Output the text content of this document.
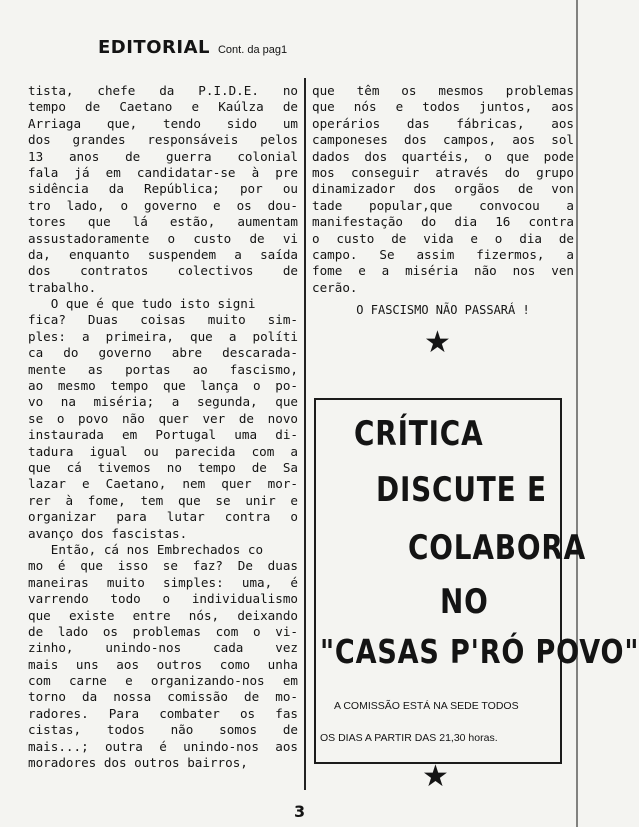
EDITORIAL Cont. da pag1
tista, chefe da P.I.D.E. no
tempo de Caetano e Kaúlza de
Arriaga que, tendo sido um
dos grandes responsáveis pelos
13 anos de guerra colonial
fala já em candidatar-se à pre
sidência da República; por ou
tro lado, o governo e os dou-
tores que lá estão, aumentam
assustadoramente o custo de vi
da, enquanto suspendem a saída
dos contratos colectivos de
trabalho.
O que é que tudo isto signi
fica? Duas coisas muito sim-
ples: a primeira, que a políti
ca do governo abre descarada-
mente as portas ao fascismo,
ao mesmo tempo que lança o po-
vo na miséria; a segunda, que
se o povo não quer ver de novo
instaurada em Portugal uma di-
tadura igual ou parecida com a
que cá tivemos no tempo de Sa
lazar e Caetano, nem quer mor-
rer à fome, tem que se unir e
organizar para lutar contra o
avanço dos fascistas.
Então, cá nos Embrechados co
mo é que isso se faz? De duas
maneiras muito simples: uma, é
varrendo todo o individualismo
que existe entre nós, deixando
de lado os problemas com o vi-
zinho, unindo-nos cada vez
mais uns aos outros como unha
com carne e organizando-nos em
torno da nossa comissão de mo-
radores. Para combater os fas
cistas, todos não somos de
mais...; outra é unindo-nos aos
moradores dos outros bairros,
que têm os mesmos problemas
que nós e todos juntos, aos
operários das fábricas, aos
camponeses dos campos, aos sol
dados dos quartéis, o que pode
mos conseguir através do grupo
dinamizador dos orgãos de von
tade popular,que convocou a
manifestação do dia 16 contra
o custo de vida e o dia de
campo. Se assim fizermos, a
fome e a miséria não nos ven
cerão.
O FASCISMO NÃO PASSARÁ !
★
CRÍTICA
DISCUTE E
COLABORA
NO
"CASAS P'RÓ POVO"
A COMISSÃO ESTÁ NA SEDE TODOS
OS DIAS A PARTIR DAS 21,30 horas.
★
3
